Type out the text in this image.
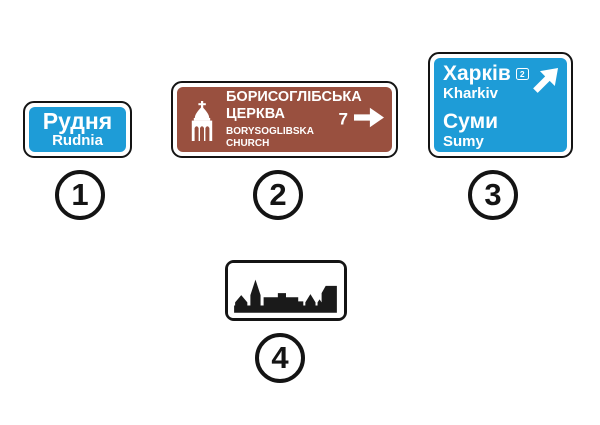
Рудня
Rudnia
БОРИСОГЛІБСЬКА
ЦЕРКВА
BORYSOGLIBSKA
CHURCH
7
Харків	2
Kharkiv
Суми
Sumy
1	2	3
4
